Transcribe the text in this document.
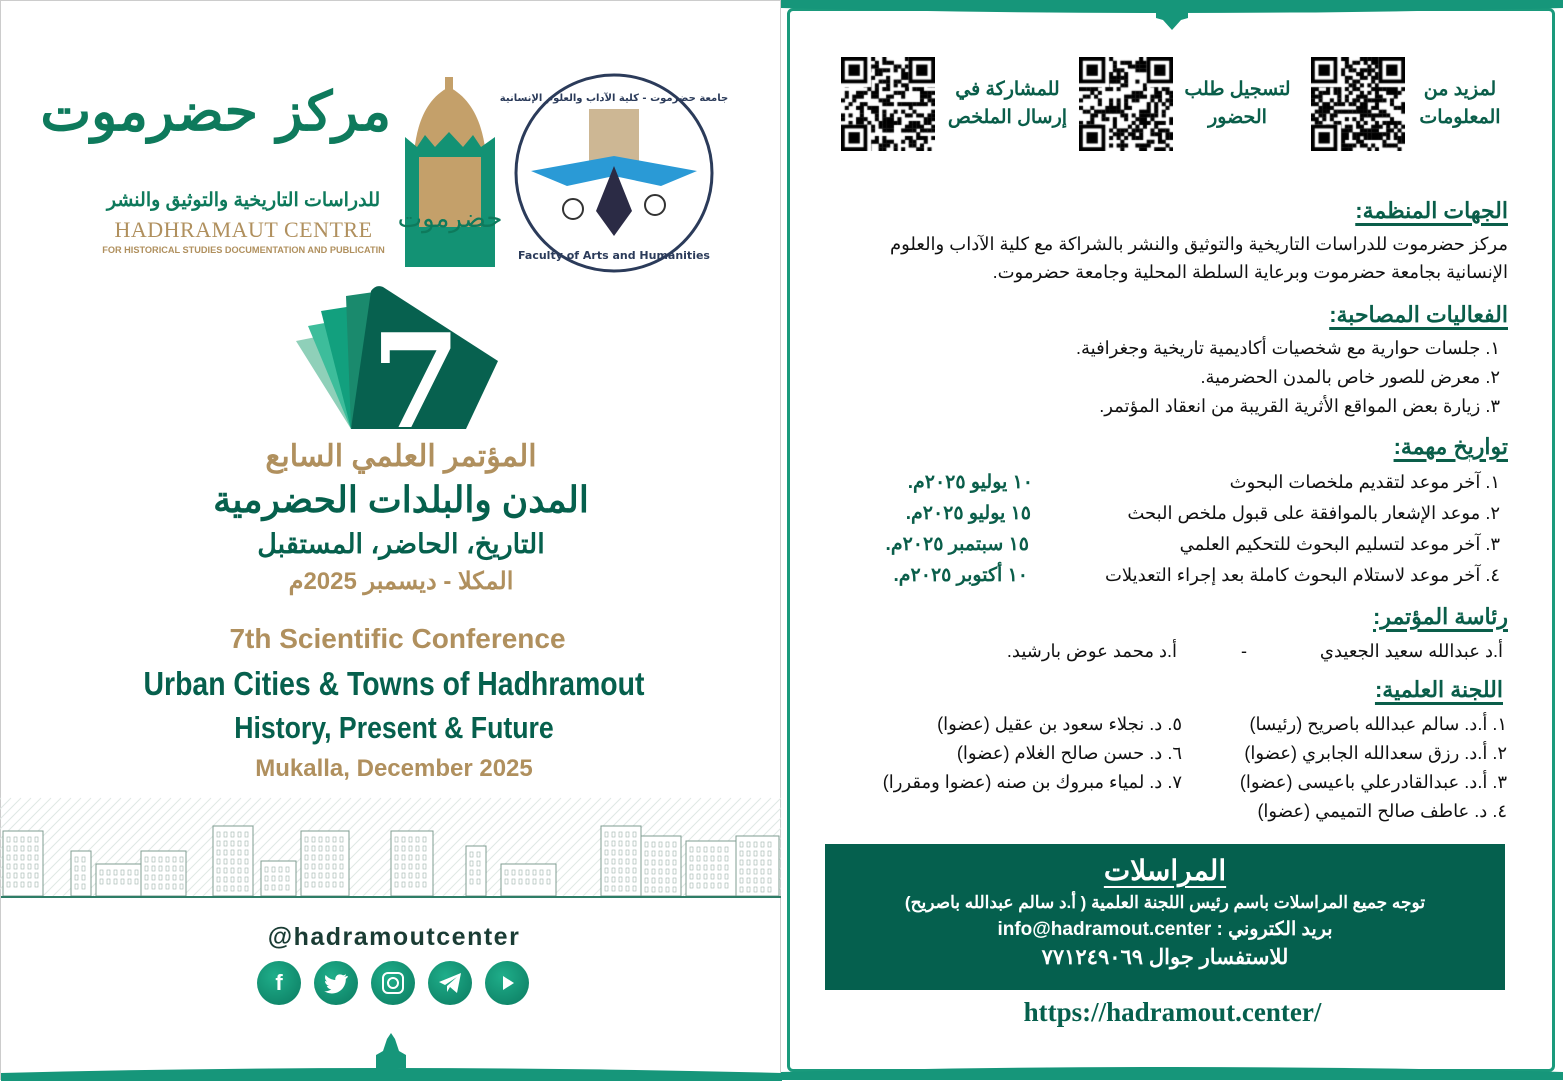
مركز حضرموت
للدراسات التاريخية والتوثيق والنشر
HADHRAMAUT CENTRE
FOR HISTORICAL STUDIES DOCUMENTATION AND PUBLICATIN
حضرموت
جامعة حضرموت - كلية الآداب والعلوم الإنسانية
Faculty of Arts and Humanities
7
المؤتمر العلمي السابع
المدن والبلدات الحضرمية
التاريخ، الحاضر، المستقبل
المكلا - ديسمبر 2025م
7th Scientific Conference
Urban Cities & Towns of Hadhramout
History, Present & Future
Mukalla, December 2025
@hadramoutcenter
f
لمزيد من
المعلومات
لتسجيل طلب
الحضور
للمشاركة في
إرسال الملخص
الجهات المنظمة:
مركز حضرموت للدراسات التاريخية والتوثيق والنشر بالشراكة مع كلية الآداب والعلوم
الإنسانية بجامعة حضرموت وبرعاية السلطة المحلية وجامعة حضرموت.
الفعاليات المصاحبة:
١. جلسات حوارية مع شخصيات أكاديمية تاريخية وجغرافية.
٢. معرض للصور خاص بالمدن الحضرمية.
٣. زيارة بعض المواقع الأثرية القريبة من انعقاد المؤتمر.
تواريخ مهمة:
١. آخر موعد لتقديم ملخصات البحوث
١٠ يوليو ٢٠٢٥م.
٢. موعد الإشعار بالموافقة على قبول ملخص البحث
١٥ يوليو ٢٠٢٥م.
٣. آخر موعد لتسليم البحوث للتحكيم العلمي
١٥ سبتمبر ٢٠٢٥م.
٤. آخر موعد لاستلام البحوث كاملة بعد إجراء التعديلات
١٠ أكتوبر ٢٠٢٥م.
رئاسة المؤتمر:
أ.د عبدالله سعيد الجعيدي
-
أ.د محمد عوض بارشيد.
اللجنة العلمية:
١. أ.د. سالم عبدالله باصريح (رئيسا)
٢. أ.د. رزق سعدالله الجابري (عضوا)
٣. أ.د. عبدالقادرعلي باعيسى (عضوا)
٤. د. عاطف صالح التميمي (عضوا)
٥. د. نجلاء سعود بن عقيل (عضوا)
٦. د. حسن صالح الغلام (عضوا)
٧. د. لمياء مبروك بن صنه (عضوا ومقررا)
المراسلات
توجه جميع المراسلات باسم رئيس اللجنة العلمية ( أ.د سالم عبدالله باصريح)
بريد الكتروني : info@hadramout.center
للاستفسار جوال ٧٧١٢٤٩٠٦٩
https://hadramout.center/
